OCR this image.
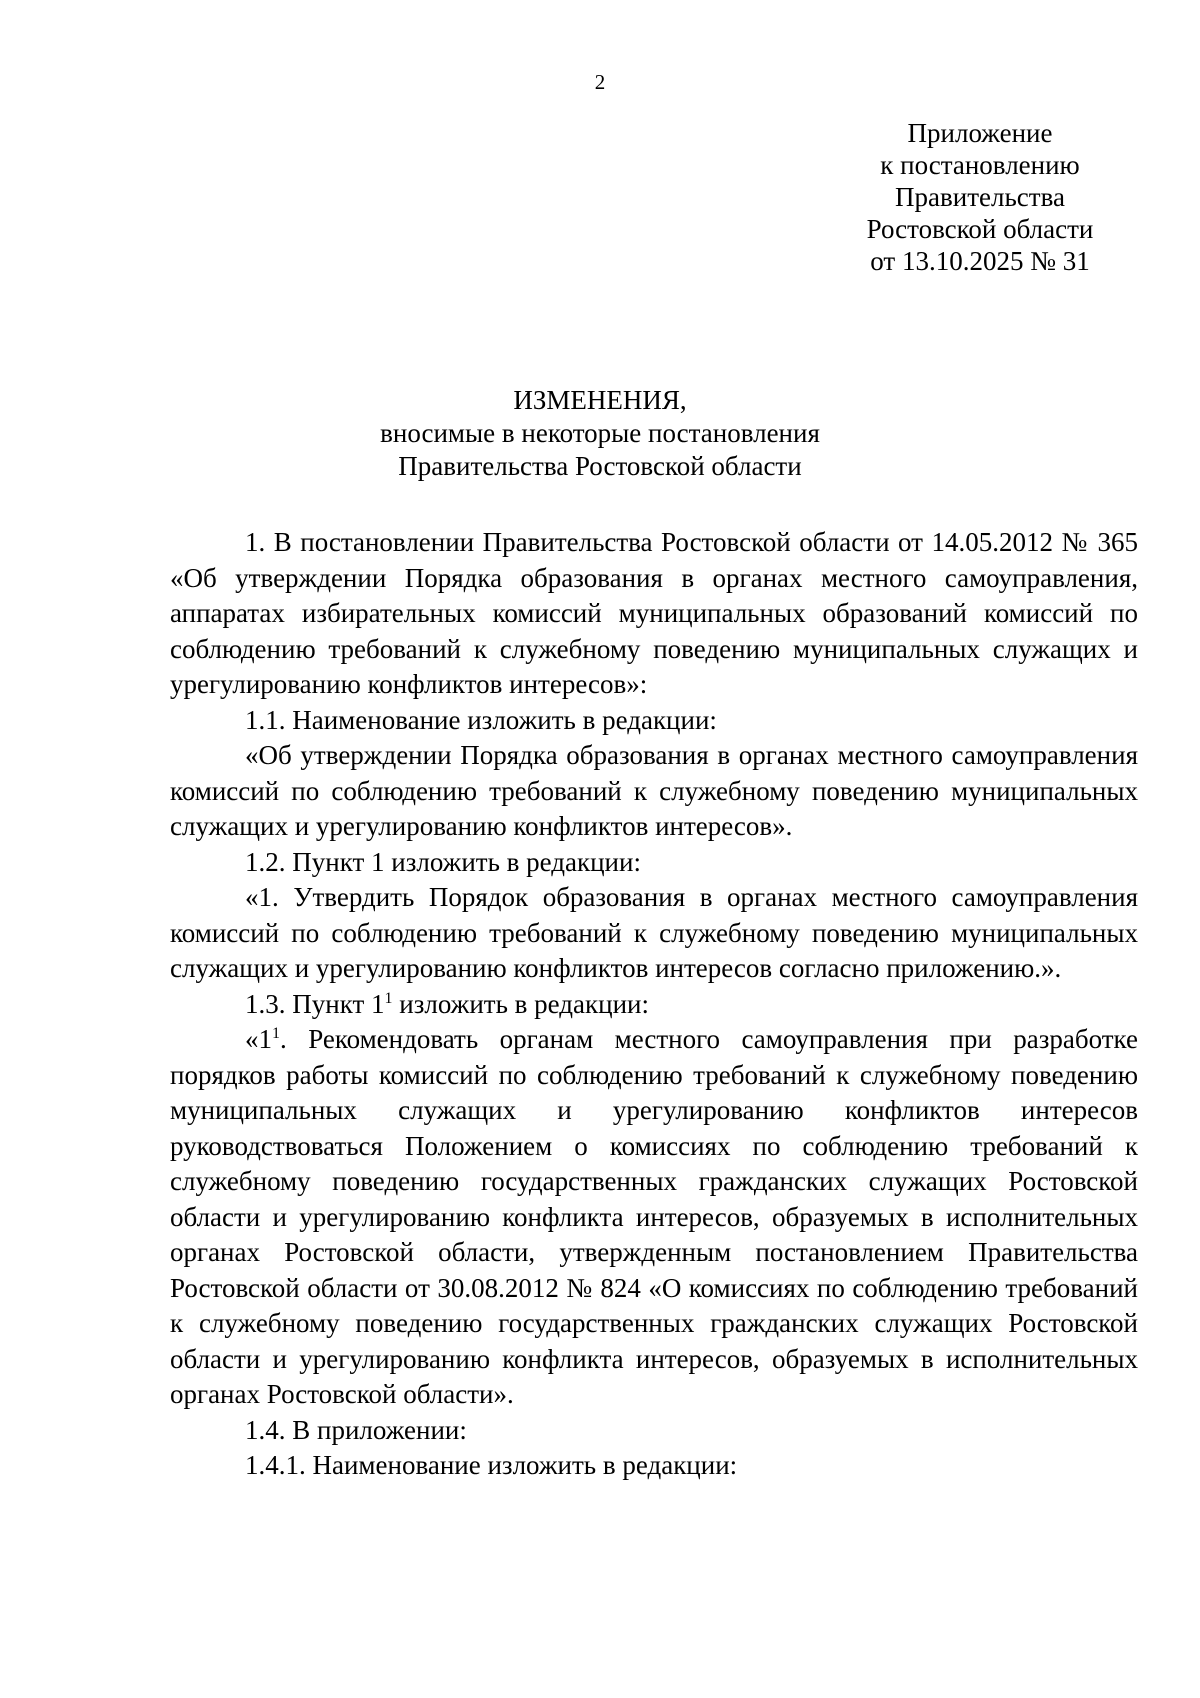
2
Приложение
к постановлению
Правительства
Ростовской области
от 13.10.2025 № 31
ИЗМЕНЕНИЯ,
вносимые в некоторые постановления
Правительства Ростовской области

1. В постановлении Правительства Ростовской области от 14.05.2012 № 365 «Об утверждении Порядка образования в органах местного самоуправления, аппаратах избирательных комиссий муниципальных образований комиссий по соблюдению требований к служебному поведению муниципальных служащих и урегулированию конфликтов интересов»:

1.1. Наименование изложить в редакции:

«Об утверждении Порядка образования в органах местного самоуправления комиссий по соблюдению требований к служебному поведению муниципальных служащих и урегулированию конфликтов интересов».

1.2. Пункт 1 изложить в редакции:

«1. Утвердить Порядок образования в органах местного самоуправления комиссий по соблюдению требований к служебному поведению муниципальных служащих и урегулированию конфликтов интересов согласно приложению.».

1.3. Пункт $1^1$ изложить в редакции:

«$1^1$. Рекомендовать органам местного самоуправления при разработке порядков работы комиссий по соблюдению требований к служебному поведению муниципальных служащих и урегулированию конфликтов интересов руководствоваться Положением о комиссиях по соблюдению требований к служебному поведению государственных гражданских служащих Ростовской области и урегулированию конфликта интересов, образуемых в исполнительных органах Ростовской области, утвержденным постановлением Правительства Ростовской области от 30.08.2012 № 824 «О комиссиях по соблюдению требований к служебному поведению государственных гражданских служащих Ростовской области и урегулированию конфликта интересов, образуемых в исполнительных органах Ростовской области».

1.4. В приложении:

1.4.1. Наименование изложить в редакции:
